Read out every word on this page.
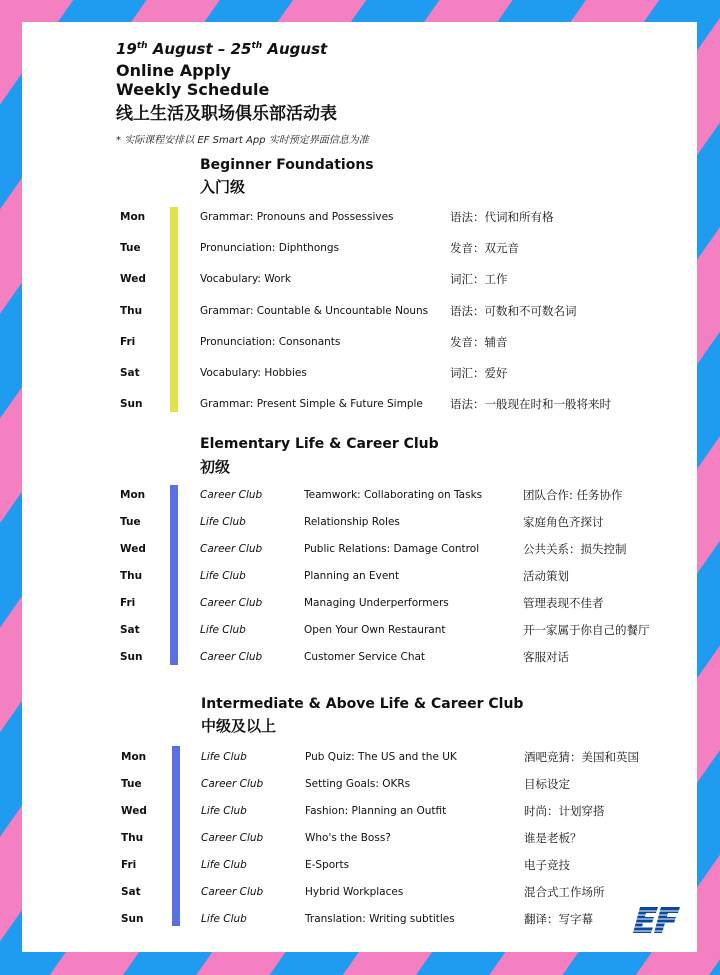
19th August – 25th August
Online Apply
Weekly Schedule
线上生活及职场俱乐部活动表
* 实际课程安排以 EF Smart App 实时预定界面信息为准
Beginner Foundations
入门级
Mon	Grammar: Pronouns and Possessives	语法：代词和所有格
Tue	Pronunciation: Diphthongs	发音：双元音
Wed	Vocabulary: Work	词汇：工作
Thu	Grammar: Countable & Uncountable Nouns 语法：可数和不可数名词
Fri	Pronunciation: Consonants	发音：辅音
Sat	Vocabulary: Hobbies	词汇：爱好
Sun	Grammar: Present Simple & Future Simple 语法：一般现在时和一般将来时
Elementary Life & Career Club
初级
Mon	Career Club	Teamwork: Collaborating on Tasks	团队合作: 任务协作
Tue	Life Club	Relationship Roles	家庭角色齐探讨
Wed	Career Club	Public Relations: Damage Control	公共关系：损失控制
Thu	Life Club	Planning an Event	活动策划
Fri	Career Club	Managing Underperformers	管理表现不佳者
Sat	Life Club	Open Your Own Restaurant	开一家属于你自己的餐厅
Sun	Career Club	Customer Service Chat	客服对话
Intermediate & Above Life & Career Club
中级及以上
Mon	Life Club	Pub Quiz: The US and the UK	酒吧竞猜：美国和英国
Tue	Career Club	Setting Goals: OKRs	目标设定
Wed	Life Club	Fashion: Planning an Outfit	时尚：计划穿搭
Thu	Career Club	Who's the Boss?	谁是老板？
Fri	Life Club	E-Sports	电子竞技
Sat	Career Club	Hybrid Workplaces	混合式工作场所
Sun	Life Club	Translation: Writing subtitles	翻译：写字幕
